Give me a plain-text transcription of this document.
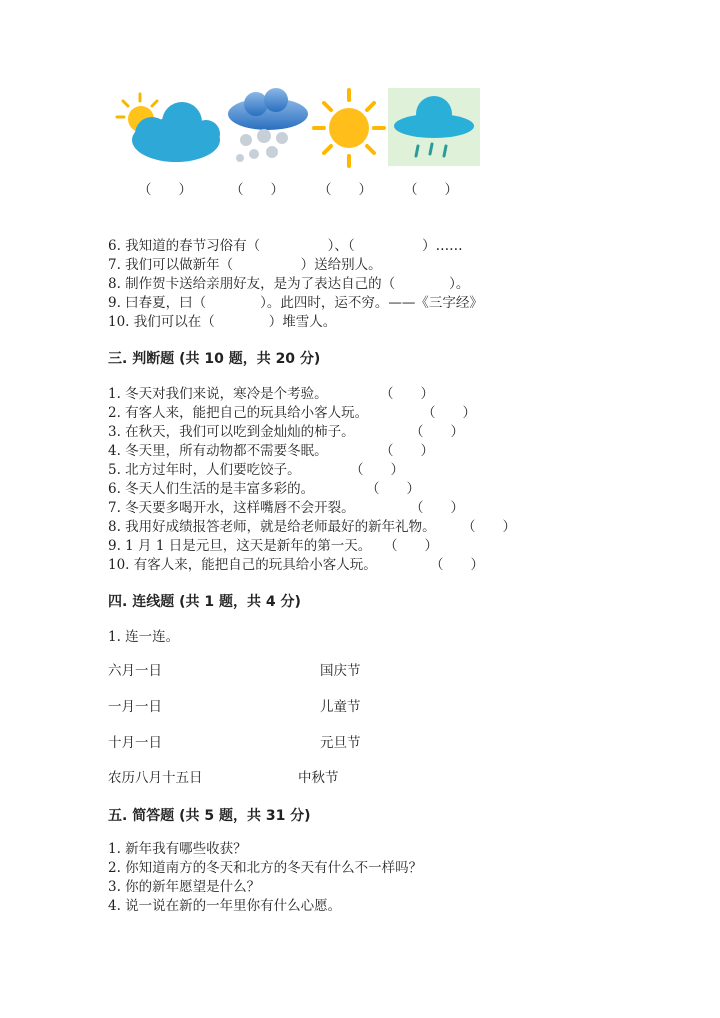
（　　）

	（　　）

	（　　）

（　　）

6. 我知道的春节习俗有（　　　　　）、（　　　　　）……
7. 我们可以做新年（　　　　　）送给别人。
8. 制作贺卡送给亲朋好友，是为了表达自己的（　　　　）。
9. 曰春夏，曰（　　　　）。此四时，运不穷。——《三字经》
10. 我们可以在（　　　　）堆雪人。
三. 判断题 (共 10 题，共 20 分)
1. 冬天对我们来说，寒冷是个考验。	（　　）
2. 有客人来，能把自己的玩具给小客人玩。	（　　）
3. 在秋天，我们可以吃到金灿灿的柿子。	（　　）
4. 冬天里，所有动物都不需要冬眠。	（　　）
5. 北方过年时，人们要吃饺子。	（　　）
6. 冬天人们生活的是丰富多彩的。	（　　）
7. 冬天要多喝开水，这样嘴唇不会开裂。	（　　）
8. 我用好成绩报答老师，就是给老师最好的新年礼物。 （　　）
9. 1 月 1 日是元旦，这天是新年的第一天。 （　　）
10. 有客人来，能把自己的玩具给小客人玩。	（　　）
四. 连线题 (共 1 题，共 4 分)
1. 连一连。
六月一日	国庆节
一月一日	儿童节
十月一日	元旦节
农历八月十五日	中秋节
五. 简答题 (共 5 题，共 31 分)
1. 新年我有哪些收获？
2. 你知道南方的冬天和北方的冬天有什么不一样吗？
3. 你的新年愿望是什么？
4. 说一说在新的一年里你有什么心愿。
